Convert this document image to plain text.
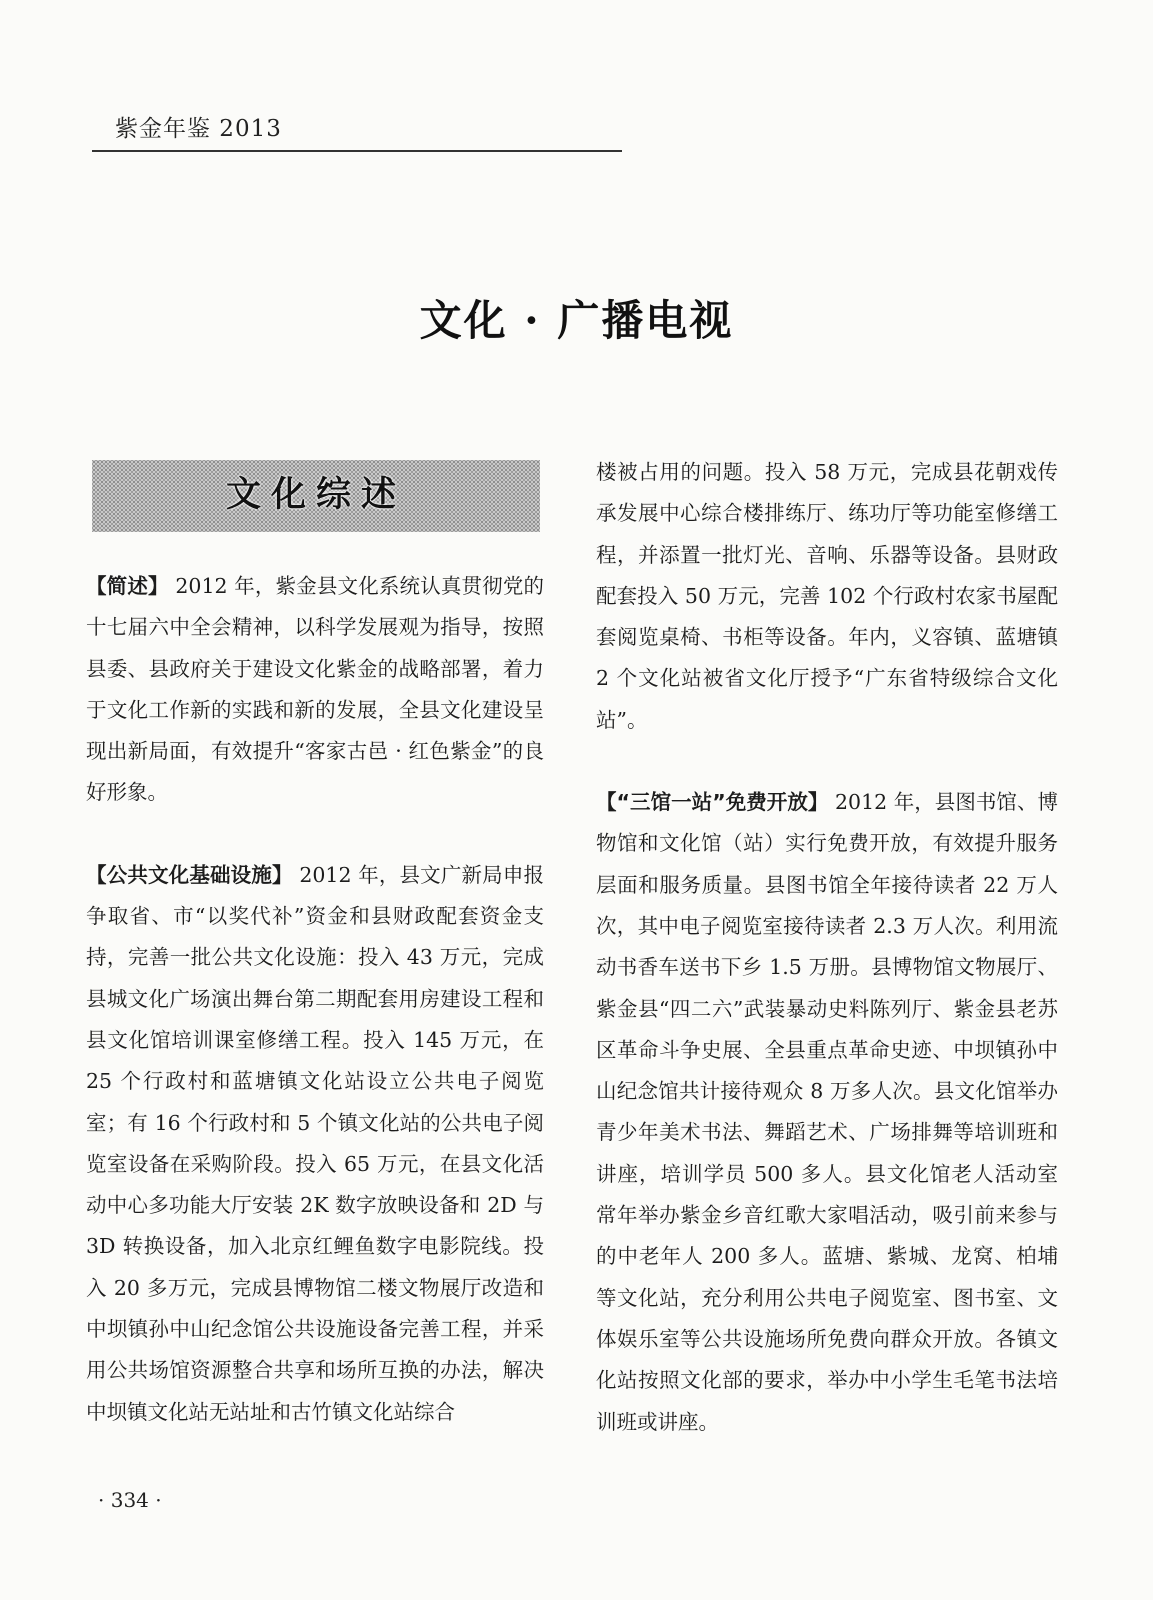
紫金年鉴 2013
文化 · 广播电视
文化综述

【简述】 2012 年，紫金县文化系统认真贯彻党的十七届六中全会精神，以科学发展观为指导，按照县委、县政府关于建设文化紫金的战略部署，着力于文化工作新的实践和新的发展，全县文化建设呈现出新局面，有效提升“客家古邑 · 红色紫金”的良好形象。

【公共文化基础设施】 2012 年，县文广新局申报争取省、市“以奖代补”资金和县财政配套资金支持，完善一批公共文化设施：投入 43 万元，完成县城文化广场演出舞台第二期配套用房建设工程和县文化馆培训课室修缮工程。投入 145 万元，在 25 个行政村和蓝塘镇文化站设立公共电子阅览室；有 16 个行政村和 5 个镇文化站的公共电子阅览室设备在采购阶段。投入 65 万元，在县文化活动中心多功能大厅安装 2K 数字放映设备和 2D 与 3D 转换设备，加入北京红鲤鱼数字电影院线。投入 20 多万元，完成县博物馆二楼文物展厅改造和中坝镇孙中山纪念馆公共设施设备完善工程，并采用公共场馆资源整合共享和场所互换的办法，解决中坝镇文化站无站址和古竹镇文化站综合

楼被占用的问题。投入 58 万元，完成县花朝戏传承发展中心综合楼排练厅、练功厅等功能室修缮工程，并添置一批灯光、音响、乐器等设备。县财政配套投入 50 万元，完善 102 个行政村农家书屋配套阅览桌椅、书柜等设备。年内，义容镇、蓝塘镇 2 个文化站被省文化厅授予“广东省特级综合文化站”。

【“三馆一站”免费开放】 2012 年，县图书馆、博物馆和文化馆（站）实行免费开放，有效提升服务层面和服务质量。县图书馆全年接待读者 22 万人次，其中电子阅览室接待读者 2.3 万人次。利用流动书香车送书下乡 1.5 万册。县博物馆文物展厅、紫金县“四二六”武装暴动史料陈列厅、紫金县老苏区革命斗争史展、全县重点革命史迹、中坝镇孙中山纪念馆共计接待观众 8 万多人次。县文化馆举办青少年美术书法、舞蹈艺术、广场排舞等培训班和讲座，培训学员 500 多人。县文化馆老人活动室常年举办紫金乡音红歌大家唱活动，吸引前来参与的中老年人 200 多人。蓝塘、紫城、龙窝、柏埔等文化站，充分利用公共电子阅览室、图书室、文体娱乐室等公共设施场所免费向群众开放。各镇文化站按照文化部的要求，举办中小学生毛笔书法培训班或讲座。

· 334 ·
